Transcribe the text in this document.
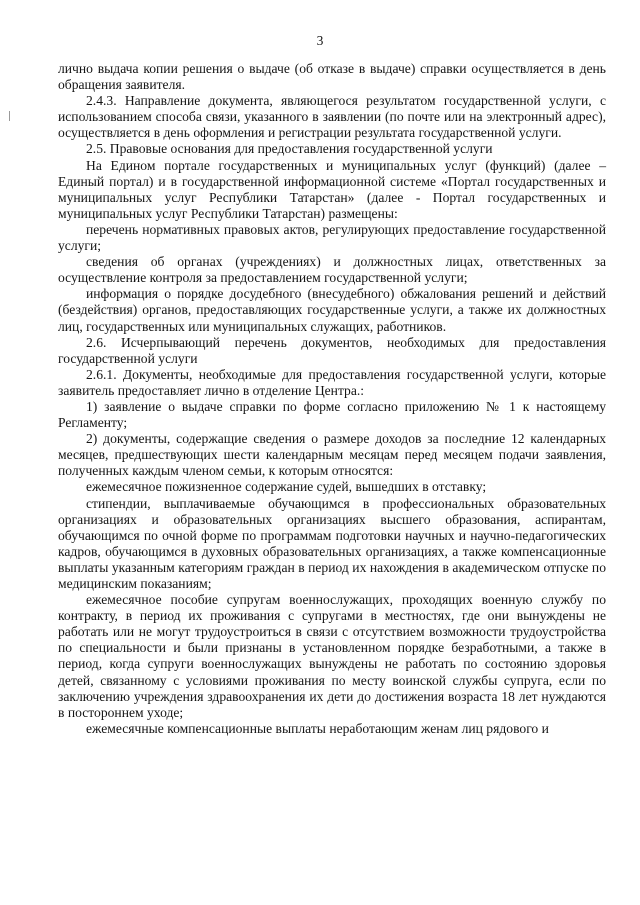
3

лично выдача копии решения о выдаче (об отказе в выдаче) справки осуществляется в день обращения заявителя.

2.4.3. Направление документа, являющегося результатом государственной услуги, с использованием способа связи, указанного в заявлении (по почте или на электронный адрес), осуществляется в день оформления и регистрации результата государственной услуги.

2.5. Правовые основания для предоставления государственной услуги

На Едином портале государственных и муниципальных услуг (функций) (далее – Единый портал) и в государственной информационной системе «Портал государственных и муниципальных услуг Республики Татарстан» (далее - Портал государственных и муниципальных услуг Республики Татарстан) размещены:

перечень нормативных правовых актов, регулирующих предоставление государственной услуги;

сведения об органах (учреждениях) и должностных лицах, ответственных за осуществление контроля за предоставлением государственной услуги;

информация о порядке досудебного (внесудебного) обжалования решений и действий (бездействия) органов, предоставляющих государственные услуги, а также их должностных лиц, государственных или муниципальных служащих, работников.

2.6. Исчерпывающий перечень документов, необходимых для предоставления государственной услуги

2.6.1. Документы, необходимые для предоставления государственной услуги, которые заявитель предоставляет лично в отделение Центра.:

1) заявление о выдаче справки по форме согласно приложению № 1 к настоящему Регламенту;

2) документы, содержащие сведения о размере доходов за последние 12 календарных месяцев, предшествующих шести календарным месяцам перед месяцем подачи заявления, полученных каждым членом семьи, к которым относятся:

ежемесячное пожизненное содержание судей, вышедших в отставку;

стипендии, выплачиваемые обучающимся в профессиональных образовательных организациях и образовательных организациях высшего образования, аспирантам, обучающимся по очной форме по программам подготовки научных и научно-педагогических кадров, обучающимся в духовных образовательных организациях, а также компенсационные выплаты указанным категориям граждан в период их нахождения в академическом отпуске по медицинским показаниям;

ежемесячное пособие супругам военнослужащих, проходящих военную службу по контракту, в период их проживания с супругами в местностях, где они вынуждены не работать или не могут трудоустроиться в связи с отсутствием возможности трудоустройства по специальности и были признаны в установленном порядке безработными, а также в период, когда супруги военнослужащих вынуждены не работать по состоянию здоровья детей, связанному с условиями проживания по месту воинской службы супруга, если по заключению учреждения здравоохранения их дети до достижения возраста 18 лет нуждаются в постороннем уходе;

ежемесячные компенсационные выплаты неработающим женам лиц рядового и
